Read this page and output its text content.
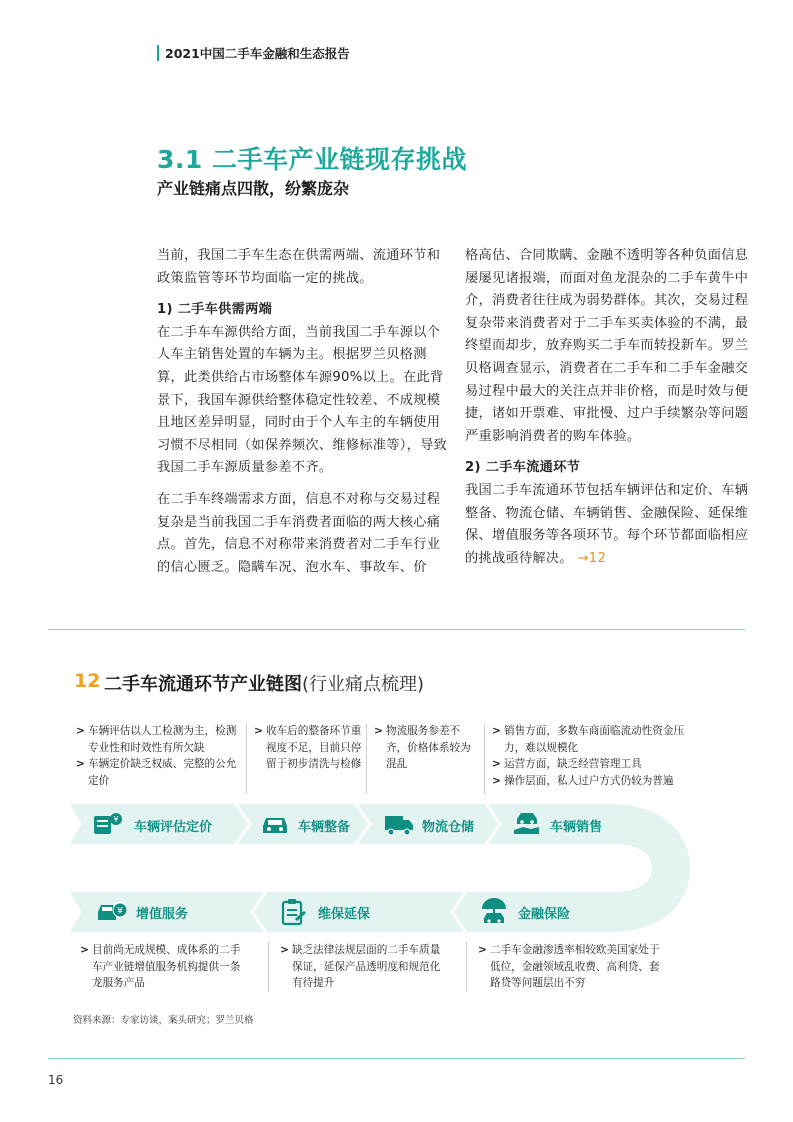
2021中国二手车金融和生态报告
3.1 二手车产业链现存挑战
产业链痛点四散，纷繁庞杂

当前，我国二手车生态在供需两端、流通环节和政策监管等环节均面临一定的挑战。

1) 二手车供需两端

在二手车车源供给方面，当前我国二手车源以个人车主销售处置的车辆为主。根据罗兰贝格测算，此类供给占市场整体车源90%以上。在此背景下，我国车源供给整体稳定性较差、不成规模且地区差异明显，同时由于个人车主的车辆使用习惯不尽相同（如保养频次、维修标准等），导致我国二手车源质量参差不齐。

在二手车终端需求方面，信息不对称与交易过程复杂是当前我国二手车消费者面临的两大核心痛点。首先，信息不对称带来消费者对二手车行业的信心匮乏。隐瞒车况、泡水车、事故车、价

格高估、合同欺瞒、金融不透明等各种负面信息屡屡见诸报端，而面对鱼龙混杂的二手车黄牛中介，消费者往往成为弱势群体。其次，交易过程复杂带来消费者对于二手车买卖体验的不满，最终望而却步，放弃购买二手车而转投新车。罗兰贝格调查显示，消费者在二手车和二手车金融交易过程中最大的关注点并非价格，而是时效与便捷，诸如开票难、审批慢、过户手续繁杂等问题严重影响消费者的购车体验。

2) 二手车流通环节

我国二手车流通环节包括车辆评估和定价、车辆整备、物流仓储、车辆销售、金融保险、延保维保、增值服务等各项环节。每个环节都面临相应的挑战亟待解决。 →12

12 二手车流通环节产业链图(行业痛点梳理)
> 车辆评估以人工检测为主，检测专业性和时效性有所欠缺
> 车辆定价缺乏权威、完整的公允定价
> 收车后的整备环节重视度不足，目前只停留于初步清洗与检修
> 物流服务参差不齐，价格体系较为混乱
> 销售方面，多数车商面临流动性资金压力，难以规模化
> 运营方面，缺乏经营管理工具
> 操作层面，私人过户方式仍较为普遍
¥
车辆评估定价	车辆整备	物流仓储	车辆销售
¥ 增值服务	维保延保	金融保险
> 目前尚无成规模、成体系的二手车产业链增值服务机构提供一条龙服务产品
> 缺乏法律法规层面的二手车质量保证，延保产品透明度和规范化有待提升
> 二手车金融渗透率相较欧美国家处于低位，金融领域乱收费、高利贷、套路贷等问题层出不穷
资料来源：专家访谈，案头研究；罗兰贝格
16
